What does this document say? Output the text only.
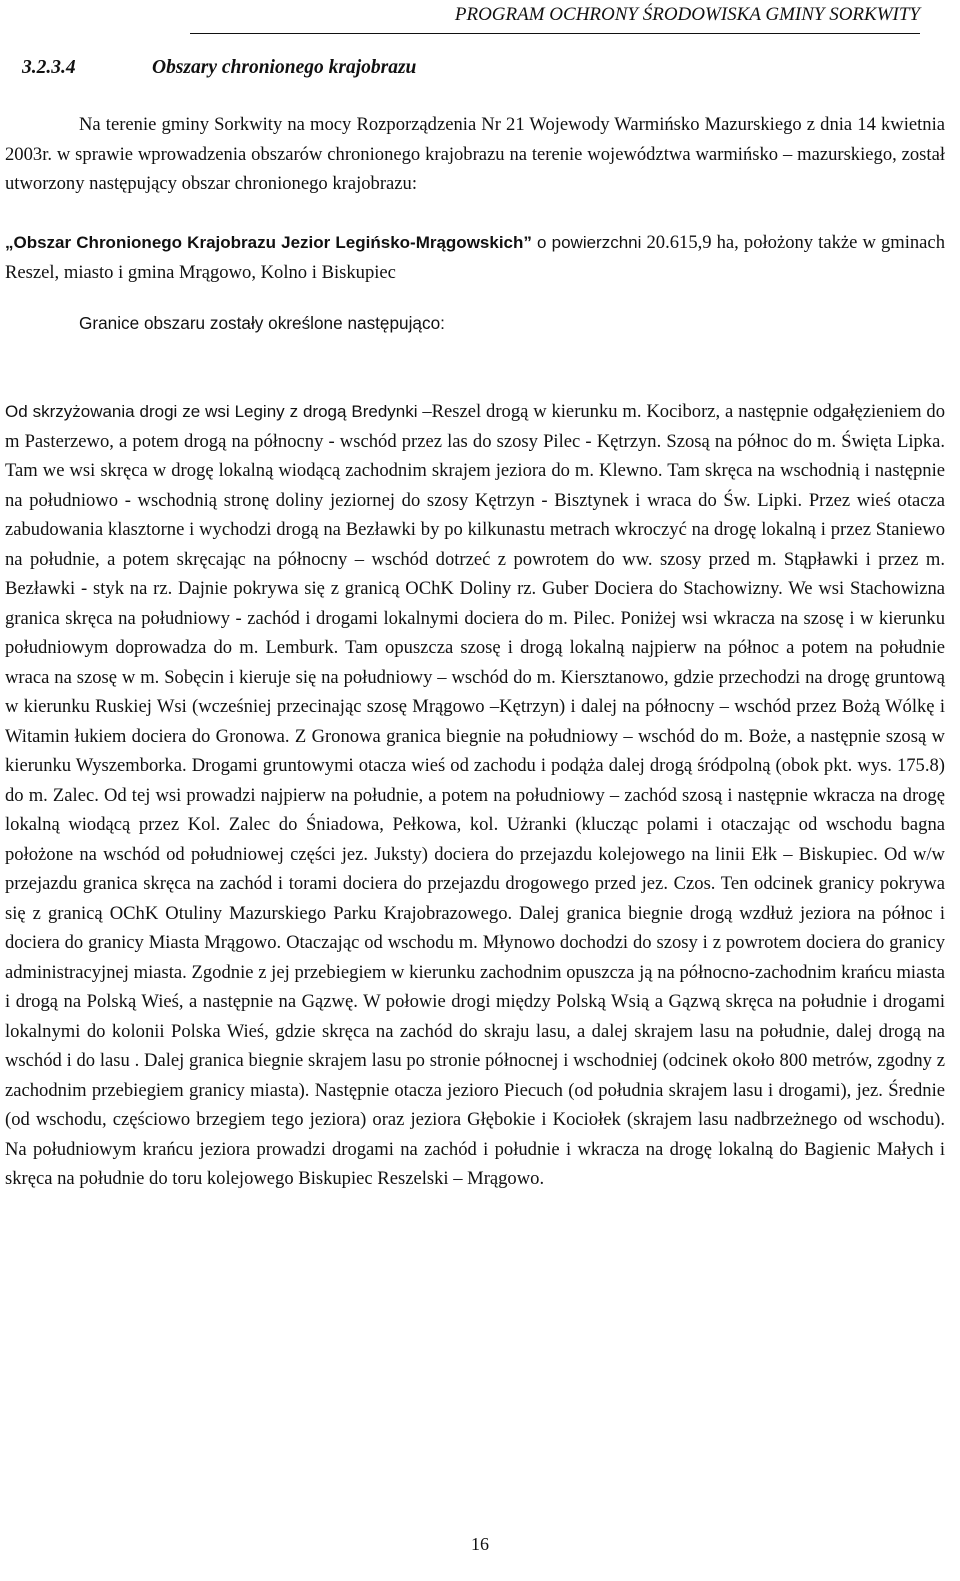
PROGRAM OCHRONY ŚRODOWISKA GMINY SORKWITY
3.2.3.4	Obszary chronionego krajobrazu
Na terenie gminy Sorkwity na mocy Rozporządzenia Nr 21 Wojewody Warmińsko Mazurskiego z dnia 14 kwietnia 2003r. w sprawie wprowadzenia obszarów chronionego krajobrazu na terenie województwa warmińsko – mazurskiego, został utworzony następujący obszar chronionego krajobrazu:
„Obszar Chronionego Krajobrazu Jezior Legińsko-Mrągowskich” o powierzchni 20.615,9 ha, położony także w gminach Reszel, miasto i gmina Mrągowo, Kolno i Biskupiec
Granice obszaru zostały określone następująco:
Od skrzyżowania drogi ze wsi Leginy z drogą Bredynki –Reszel drogą w kierunku m. Kociborz, a następnie odgałęzieniem do m Pasterzewo, a potem drogą na północny - wschód przez las do szosy Pilec - Kętrzyn. Szosą na północ do m. Święta Lipka. Tam we wsi skręca w drogę lokalną wiodącą zachodnim skrajem jeziora do m. Klewno. Tam skręca na wschodnią i następnie na południowo - wschodnią stronę doliny jeziornej do szosy Kętrzyn - Bisztynek i wraca do Św. Lipki. Przez wieś otacza zabudowania klasztorne i wychodzi drogą na Bezławki by po kilkunastu metrach wkroczyć na drogę lokalną i przez Staniewo na południe, a potem skręcając na północny – wschód dotrzeć z powrotem do ww. szosy przed m. Stąpławki i przez m. Bezławki - styk na rz. Dajnie pokrywa się z granicą OChK Doliny rz. Guber Dociera do Stachowizny. We wsi Stachowizna granica skręca na południowy - zachód i drogami lokalnymi dociera do m. Pilec. Poniżej wsi wkracza na szosę i w kierunku południowym doprowadza do m. Lemburk. Tam opuszcza szosę i drogą lokalną najpierw na północ a potem na południe wraca na szosę w m. Sobęcin i kieruje się na południowy – wschód do m. Kiersztanowo, gdzie przechodzi na drogę gruntową w kierunku Ruskiej Wsi (wcześniej przecinając szosę Mrągowo –Kętrzyn) i dalej na północny – wschód przez Bożą Wólkę i Witamin łukiem dociera do Gronowa. Z Gronowa granica biegnie na południowy – wschód do m. Boże, a następnie szosą w kierunku Wyszemborka. Drogami gruntowymi otacza wieś od zachodu i podąża dalej drogą śródpolną (obok pkt. wys. 175.8) do m. Zalec. Od tej wsi prowadzi najpierw na południe, a potem na południowy – zachód szosą i następnie wkracza na drogę lokalną wiodącą przez Kol. Zalec do Śniadowa, Pełkowa, kol. Użranki (klucząc polami i otaczając od wschodu bagna położone na wschód od południowej części jez. Juksty) dociera do przejazdu kolejowego na linii Ełk – Biskupiec. Od w/w przejazdu granica skręca na zachód i torami dociera do przejazdu drogowego przed jez. Czos. Ten odcinek granicy pokrywa się z granicą OChK Otuliny Mazurskiego Parku Krajobrazowego. Dalej granica biegnie drogą wzdłuż jeziora na północ i dociera do granicy Miasta Mrągowo. Otaczając od wschodu m. Młynowo dochodzi do szosy i z powrotem dociera do granicy administracyjnej miasta. Zgodnie z jej przebiegiem w kierunku zachodnim opuszcza ją na północno-zachodnim krańcu miasta i drogą na Polską Wieś, a następnie na Gązwę. W połowie drogi między Polską Wsią a Gązwą skręca na południe i drogami lokalnymi do kolonii Polska Wieś, gdzie skręca na zachód do skraju lasu, a dalej skrajem lasu na południe, dalej drogą na wschód i do lasu . Dalej granica biegnie skrajem lasu po stronie północnej i wschodniej (odcinek około 800 metrów, zgodny z zachodnim przebiegiem granicy miasta). Następnie otacza jezioro Piecuch (od południa skrajem lasu i drogami), jez. Średnie (od wschodu, częściowo brzegiem tego jeziora) oraz jeziora Głębokie i Kociołek (skrajem lasu nadbrzeżnego od wschodu). Na południowym krańcu jeziora prowadzi drogami na zachód i południe i wkracza na drogę lokalną do Bagienic Małych i skręca na południe do toru kolejowego Biskupiec Reszelski – Mrągowo.
16
